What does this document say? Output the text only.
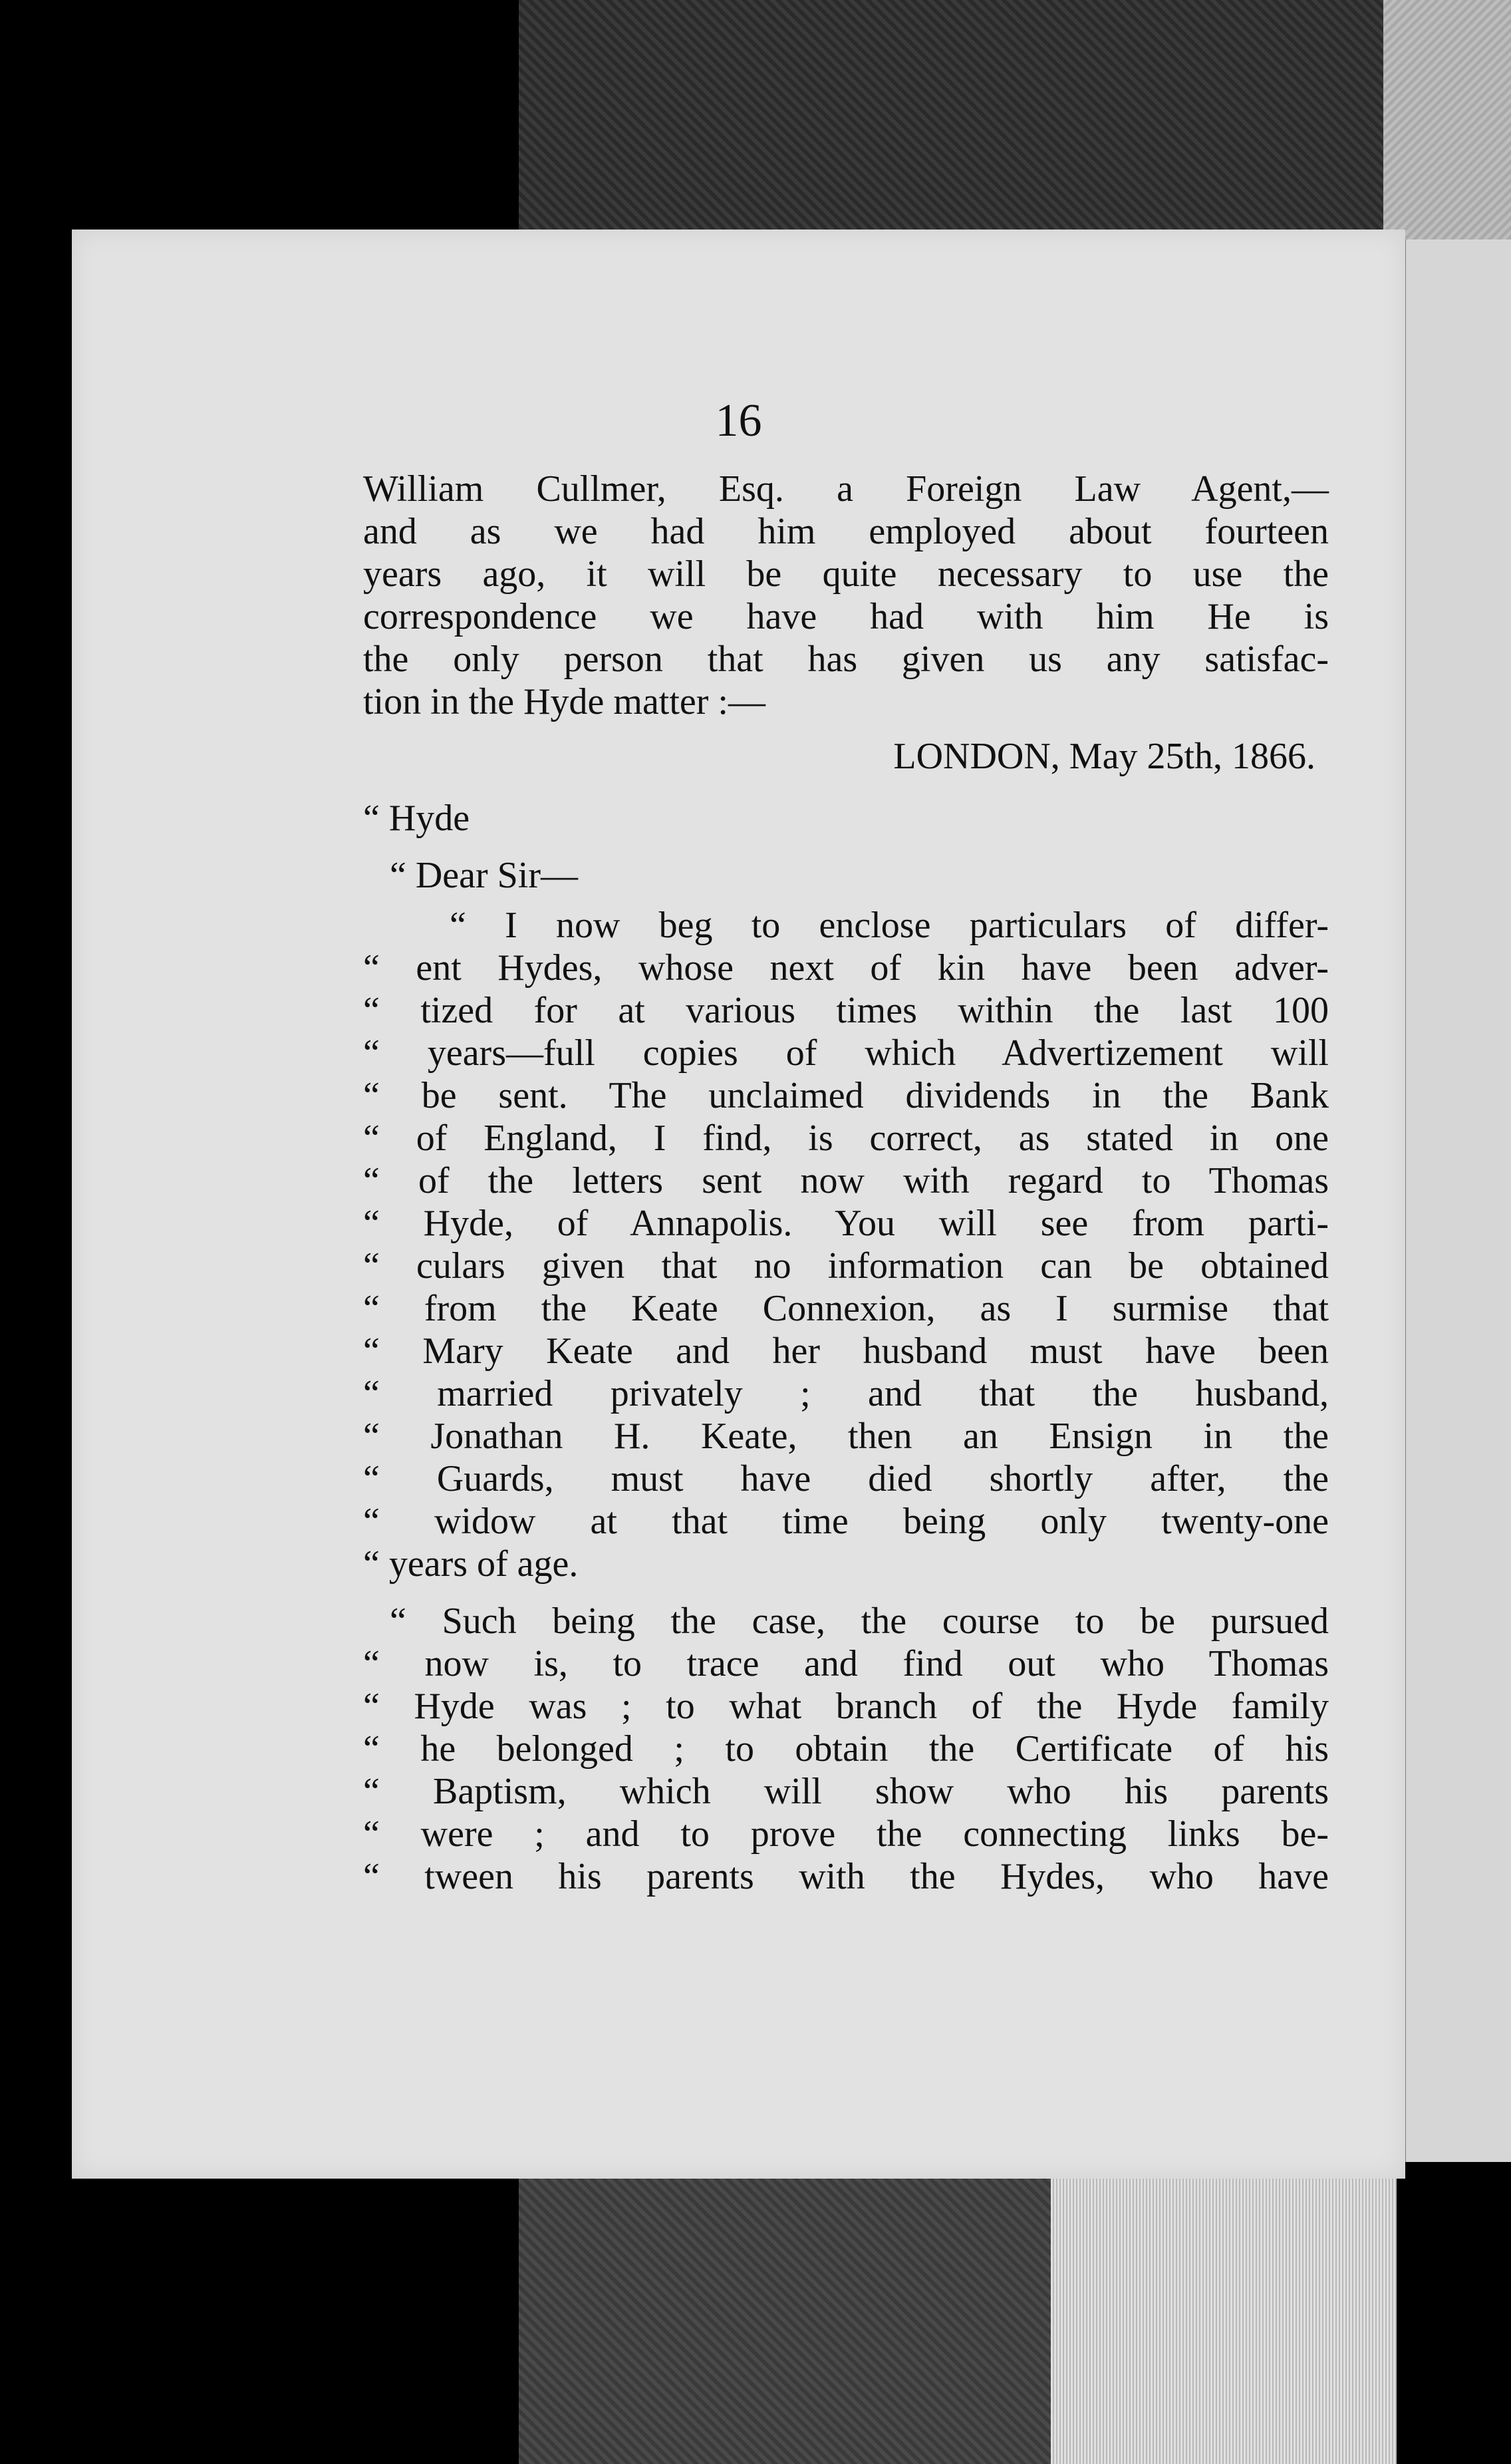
16
William Cullmer, Esq. a Foreign Law Agent,—
and as we had him employed about fourteen
years ago, it will be quite necessary to use the
correspondence we have had with him He is
the only person that has given us any satisfac-
tion in the Hyde matter :—
LONDON, May 25th, 1866.
“ Hyde
“ Dear Sir—
“ I now beg to enclose particulars of differ-
“ ent Hydes, whose next of kin have been adver-
“ tized for at various times within the last 100
“ years—full copies of which Advertizement will
“ be sent. The unclaimed dividends in the Bank
“ of England, I find, is correct, as stated in one
“ of the letters sent now with regard to Thomas
“ Hyde, of Annapolis. You will see from parti-
“ culars given that no information can be obtained
“ from the Keate Connexion, as I surmise that
“ Mary Keate and her husband must have been
“ married privately ; and that the husband,
“ Jonathan H. Keate, then an Ensign in the
“ Guards, must have died shortly after, the
“ widow at that time being only twenty-one
“ years of age.
“ Such being the case, the course to be pursued
“ now is, to trace and find out who Thomas
“ Hyde was ; to what branch of the Hyde family
“ he belonged ; to obtain the Certificate of his
“ Baptism, which will show who his parents
“ were ; and to prove the connecting links be-
“ tween his parents with the Hydes, who have
